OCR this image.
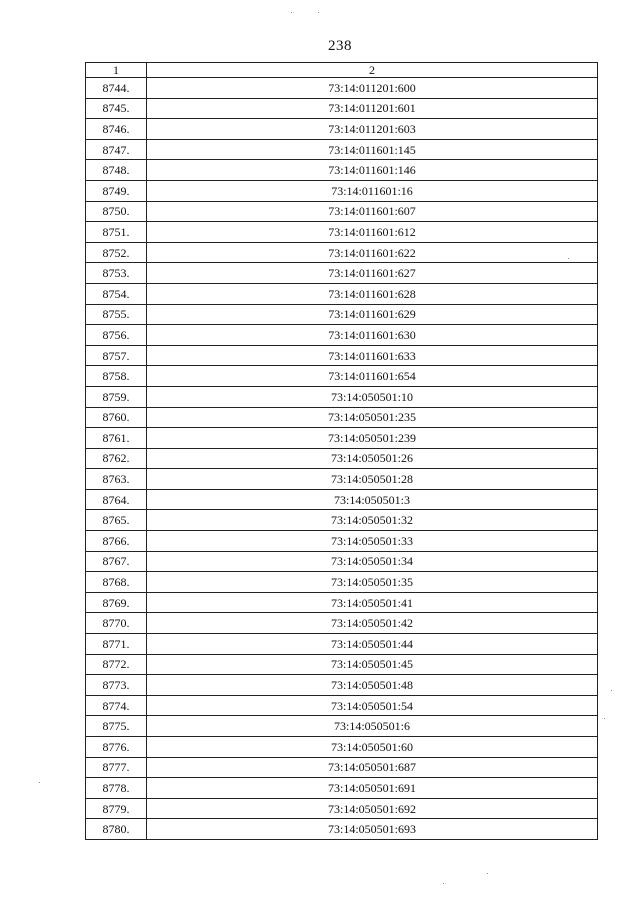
238
1	2
8744.	73:14:011201:600
8745.	73:14:011201:601
8746.	73:14:011201:603
8747.	73:14:011601:145
8748.	73:14:011601:146
8749.	73:14:011601:16
8750.	73:14:011601:607
8751.	73:14:011601:612
8752.	73:14:011601:622
8753.	73:14:011601:627
8754.	73:14:011601:628
8755.	73:14:011601:629
8756.	73:14:011601:630
8757.	73:14:011601:633
8758.	73:14:011601:654
8759.	73:14:050501:10
8760.	73:14:050501:235
8761.	73:14:050501:239
8762.	73:14:050501:26
8763.	73:14:050501:28
8764.	73:14:050501:3
8765.	73:14:050501:32
8766.	73:14:050501:33
8767.	73:14:050501:34
8768.	73:14:050501:35
8769.	73:14:050501:41
8770.	73:14:050501:42
8771.	73:14:050501:44
8772.	73:14:050501:45
8773.	73:14:050501:48
8774.	73:14:050501:54
8775.	73:14:050501:6
8776.	73:14:050501:60
8777.	73:14:050501:687
8778.	73:14:050501:691
8779.	73:14:050501:692
8780.	73:14:050501:693
